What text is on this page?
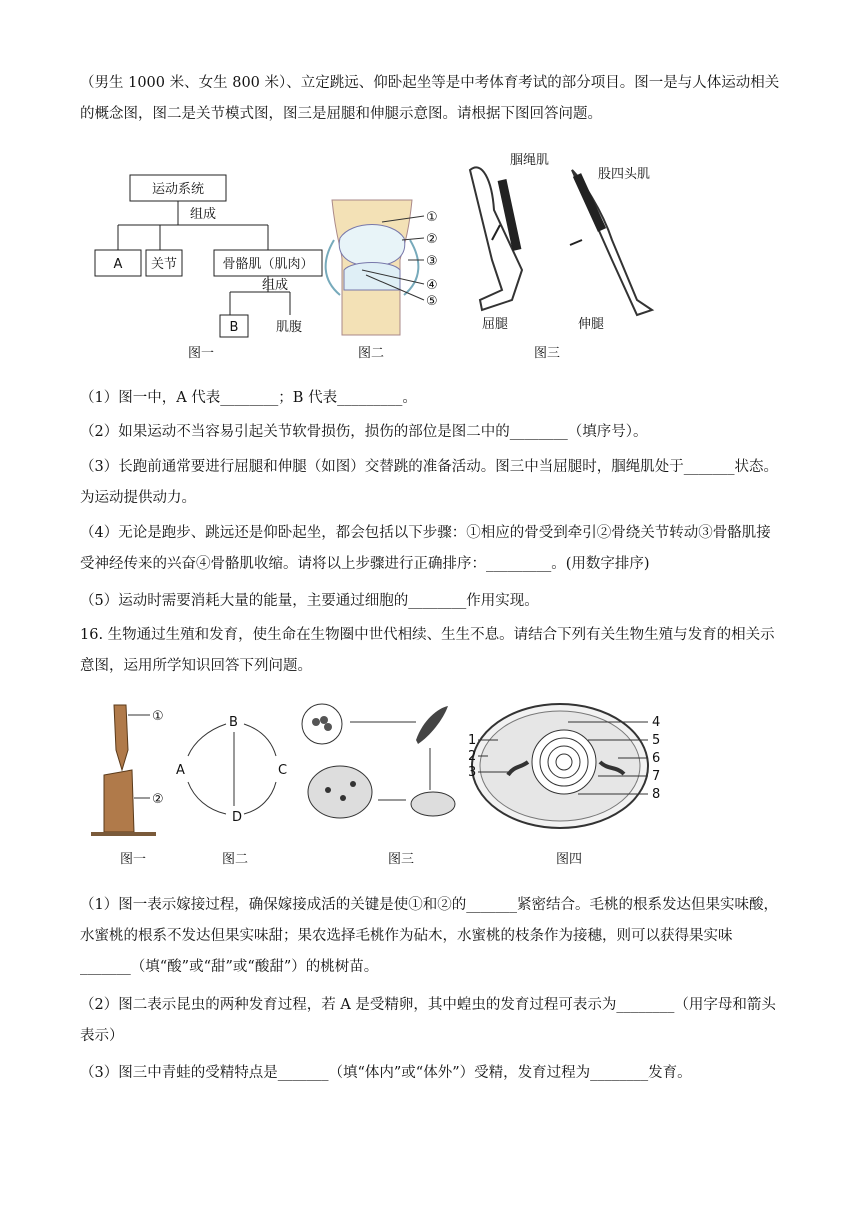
（男生 1000 米、女生 800 米）、立定跳远、仰卧起坐等是中考体育考试的部分项目。图一是与人体运动相关的概念图，图二是关节模式图，图三是屈腿和伸腿示意图。请根据下图回答问题。

运动系统
组成
A 关节	骨骼肌（肌肉）
组成
B	肌腹
图一
①
②
③
④
⑤
图二
腘绳肌
股四头肌
屈腿	伸腿
图三

（1）图一中，A 代表________；B 代表_________。

（2）如果运动不当容易引起关节软骨损伤，损伤的部位是图二中的________（填序号）。

（3）长跑前通常要进行屈腿和伸腿（如图）交替跳的准备活动。图三中当屈腿时，腘绳肌处于_______状态。为运动提供动力。

（4）无论是跑步、跳远还是仰卧起坐，都会包括以下步骤：①相应的骨受到牵引②骨绕关节转动③骨骼肌接受神经传来的兴奋④骨骼肌收缩。请将以上步骤进行正确排序：_________。(用数字排序)

（5）运动时需要消耗大量的能量，主要通过细胞的________作用实现。

16. 生物通过生殖和发育，使生命在生物圈中世代相续、生生不息。请结合下列有关生物生殖与发育的相关示意图，运用所学知识回答下列问题。

①
②
图一
B
C
D
A
图二	图三
1
2
3
4
5
6
7
8
图四

（1）图一表示嫁接过程，确保嫁接成活的关键是使①和②的_______紧密结合。毛桃的根系发达但果实味酸，水蜜桃的根系不发达但果实味甜；果农选择毛桃作为砧木，水蜜桃的枝条作为接穗，则可以获得果实味_______（填“酸”或“甜”或“酸甜”）的桃树苗。

（2）图二表示昆虫的两种发育过程，若 A 是受精卵，其中蝗虫的发育过程可表示为________（用字母和箭头表示）

（3）图三中青蛙的受精特点是_______（填“体内”或“体外”）受精，发育过程为________发育。
